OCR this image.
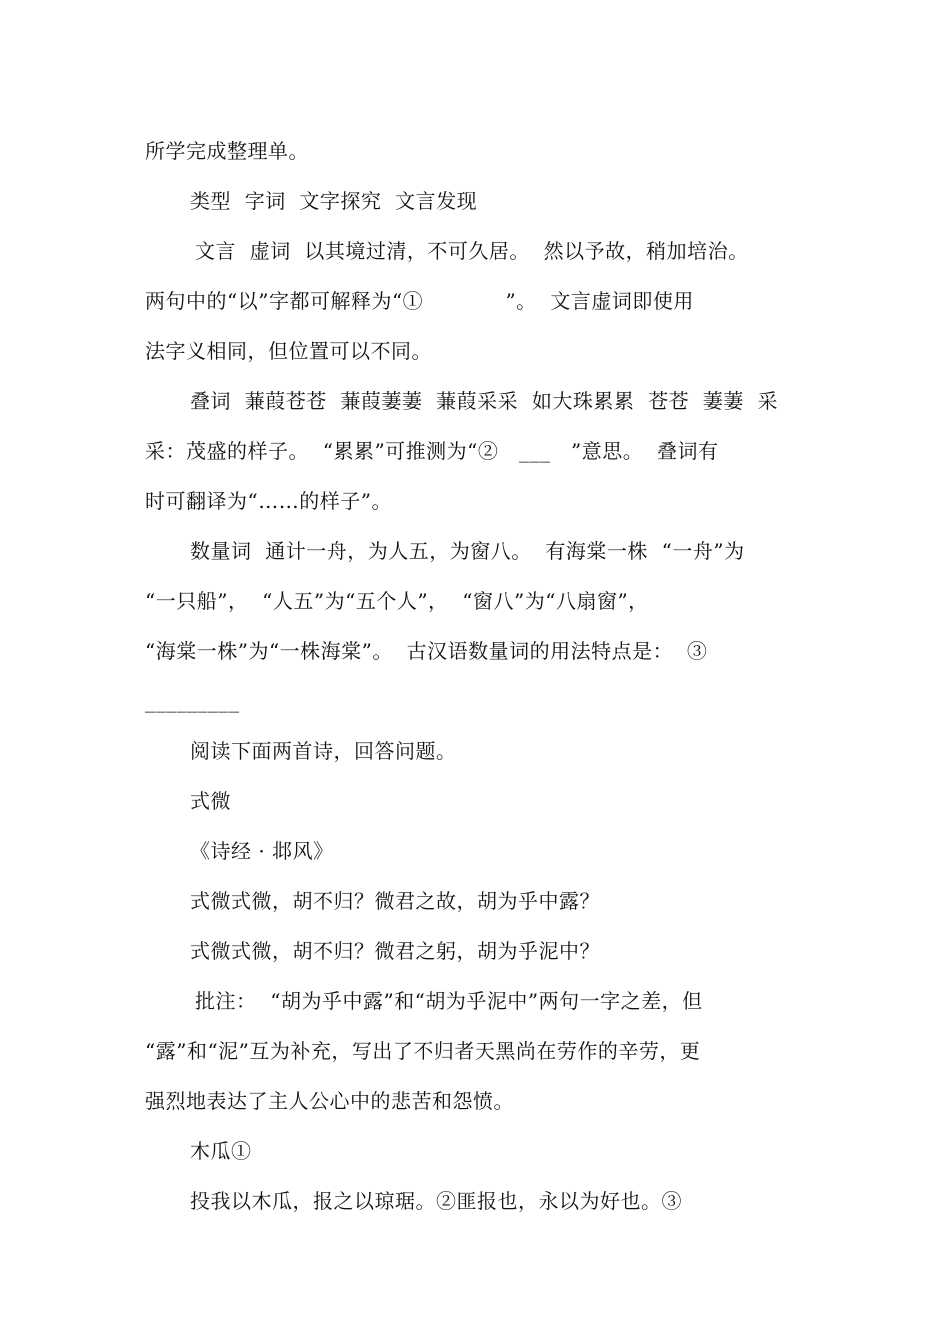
所学完成整理单。
类型  字词  文字探究  文言发现
文言  虚词  以其境过清，不可久居。  然以予故，稍加培治。
两句中的“以”字都可解释为“①            ”。  文言虚词即使用
法字义相同，但位置可以不同。
叠词  蒹葭苍苍  蒹葭萋萋  蒹葭采采  如大珠累累  苍苍  萋萋  采
采：茂盛的样子。  “累累”可推测为“②   ___   ”意思。  叠词有
时可翻译为“……的样子”。
数量词  通计一舟，为人五，为窗八。  有海棠一株  “一舟”为
“一只船”，  “人五”为“五个人”，  “窗八”为“八扇窗”，
“海棠一株”为“一株海棠”。  古汉语数量词的用法特点是：  ③
_________
阅读下面两首诗，回答问题。
式微
《诗经 · 邶风》
式微式微，胡不归？微君之故，胡为乎中露？
式微式微，胡不归？微君之躬，胡为乎泥中？
批注：  “胡为乎中露”和“胡为乎泥中”两句一字之差，但
“露”和“泥”互为补充，写出了不归者天黑尚在劳作的辛劳，更
强烈地表达了主人公心中的悲苦和怨愤。
木瓜①
投我以木瓜，报之以琼琚。②匪报也，永以为好也。③
